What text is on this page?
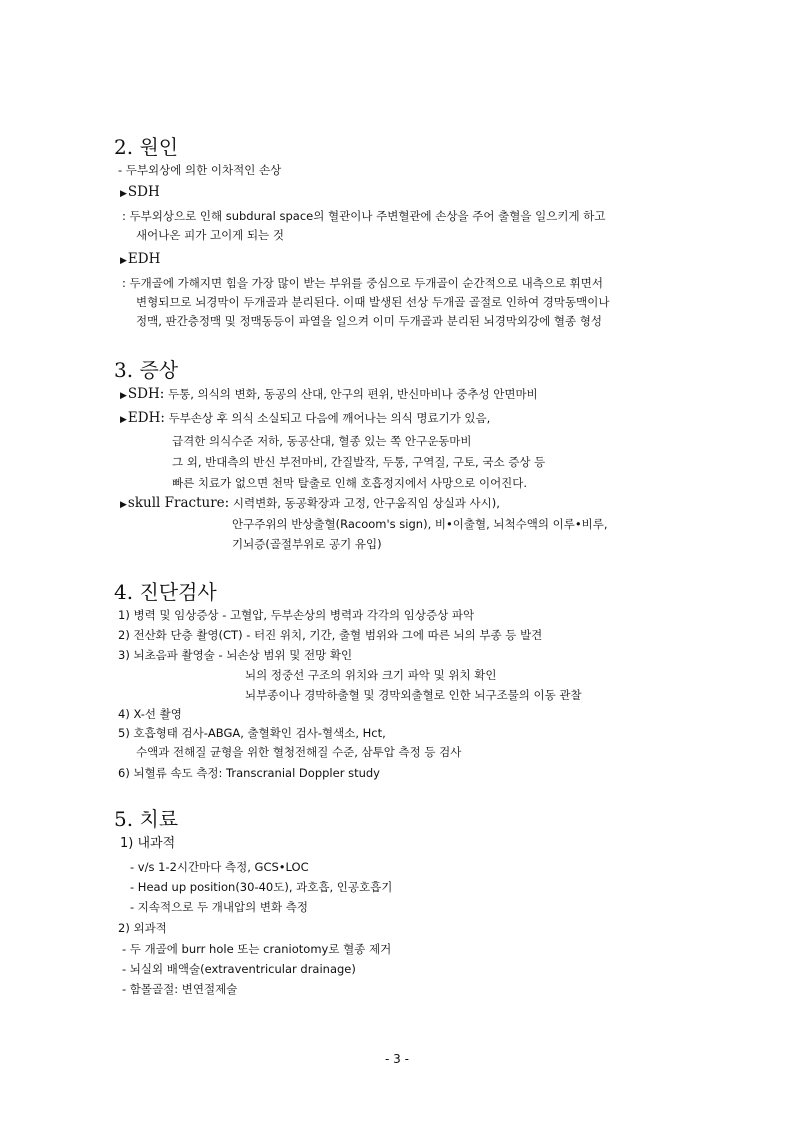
2. 원인
- 두부외상에 의한 이차적인 손상
▶SDH
: 두부외상으로 인해 subdural space의 혈관이나 주변혈관에 손상을 주어 출혈을 일으키게 하고
새어나온 피가 고이게 되는 것
▶EDH
: 두개골에 가해지면 힘을 가장 많이 받는 부위를 중심으로 두개골이 순간적으로 내측으로 휘면서
변형되므로 뇌경막이 두개골과 분리된다. 이때 발생된 선상 두개골 골절로 인하여 경막동맥이나
정맥, 판간층정맥 및 정맥동등이 파열을 일으켜 이미 두개골과 분리된 뇌경막외강에 혈종 형성
3. 증상
▶SDH: 두통, 의식의 변화, 동공의 산대, 안구의 편위, 반신마비나 중추성 안면마비
▶EDH: 두부손상 후 의식 소실되고 다음에 깨어나는 의식 명료기가 있음,
급격한 의식수준 저하, 동공산대, 혈종 있는 쪽 안구운동마비
그 외, 반대측의 반신 부전마비, 간질발작, 두통, 구역질, 구토, 국소 증상 등
빠른 치료가 없으면 천막 탈출로 인해 호흡정지에서 사망으로 이어진다.
▶skull Fracture: 시력변화, 동공확장과 고정, 안구움직임 상실과 사시),
안구주위의 반상출혈(Racoom's sign), 비•이출혈, 뇌척수액의 이루•비루,
기뇌증(골절부위로 공기 유입)
4. 진단검사
1) 병력 및 임상증상 - 고혈압, 두부손상의 병력과 각각의 임상증상 파악
2) 전산화 단층 촬영(CT) - 터진 위치, 기간, 출혈 범위와 그에 따른 뇌의 부종 등 발견
3) 뇌초음파 촬영술 - 뇌손상 범위 및 전망 확인
뇌의 정중선 구조의 위치와 크기 파악 및 위치 확인
뇌부종이나 경막하출혈 및 경막외출혈로 인한 뇌구조물의 이동 관찰
4) X-선 촬영
5) 호흡형태 검사-ABGA, 출혈확인 검사-혈색소, Hct,
수액과 전해질 균형을 위한 혈청전해질 수준, 삼투압 측정 등 검사
6) 뇌혈류 속도 측정: Transcranial Doppler study
5. 치료
1) 내과적
- v/s 1-2시간마다 측정, GCS•LOC
- Head up position(30-40도), 과호흡, 인공호흡기
- 지속적으로 두 개내압의 변화 측정
2) 외과적
- 두 개골에 burr hole 또는 craniotomy로 혈종 제거
- 뇌실외 배액술(extraventricular drainage)
- 함몰골절: 변연절제술
- 3 -
